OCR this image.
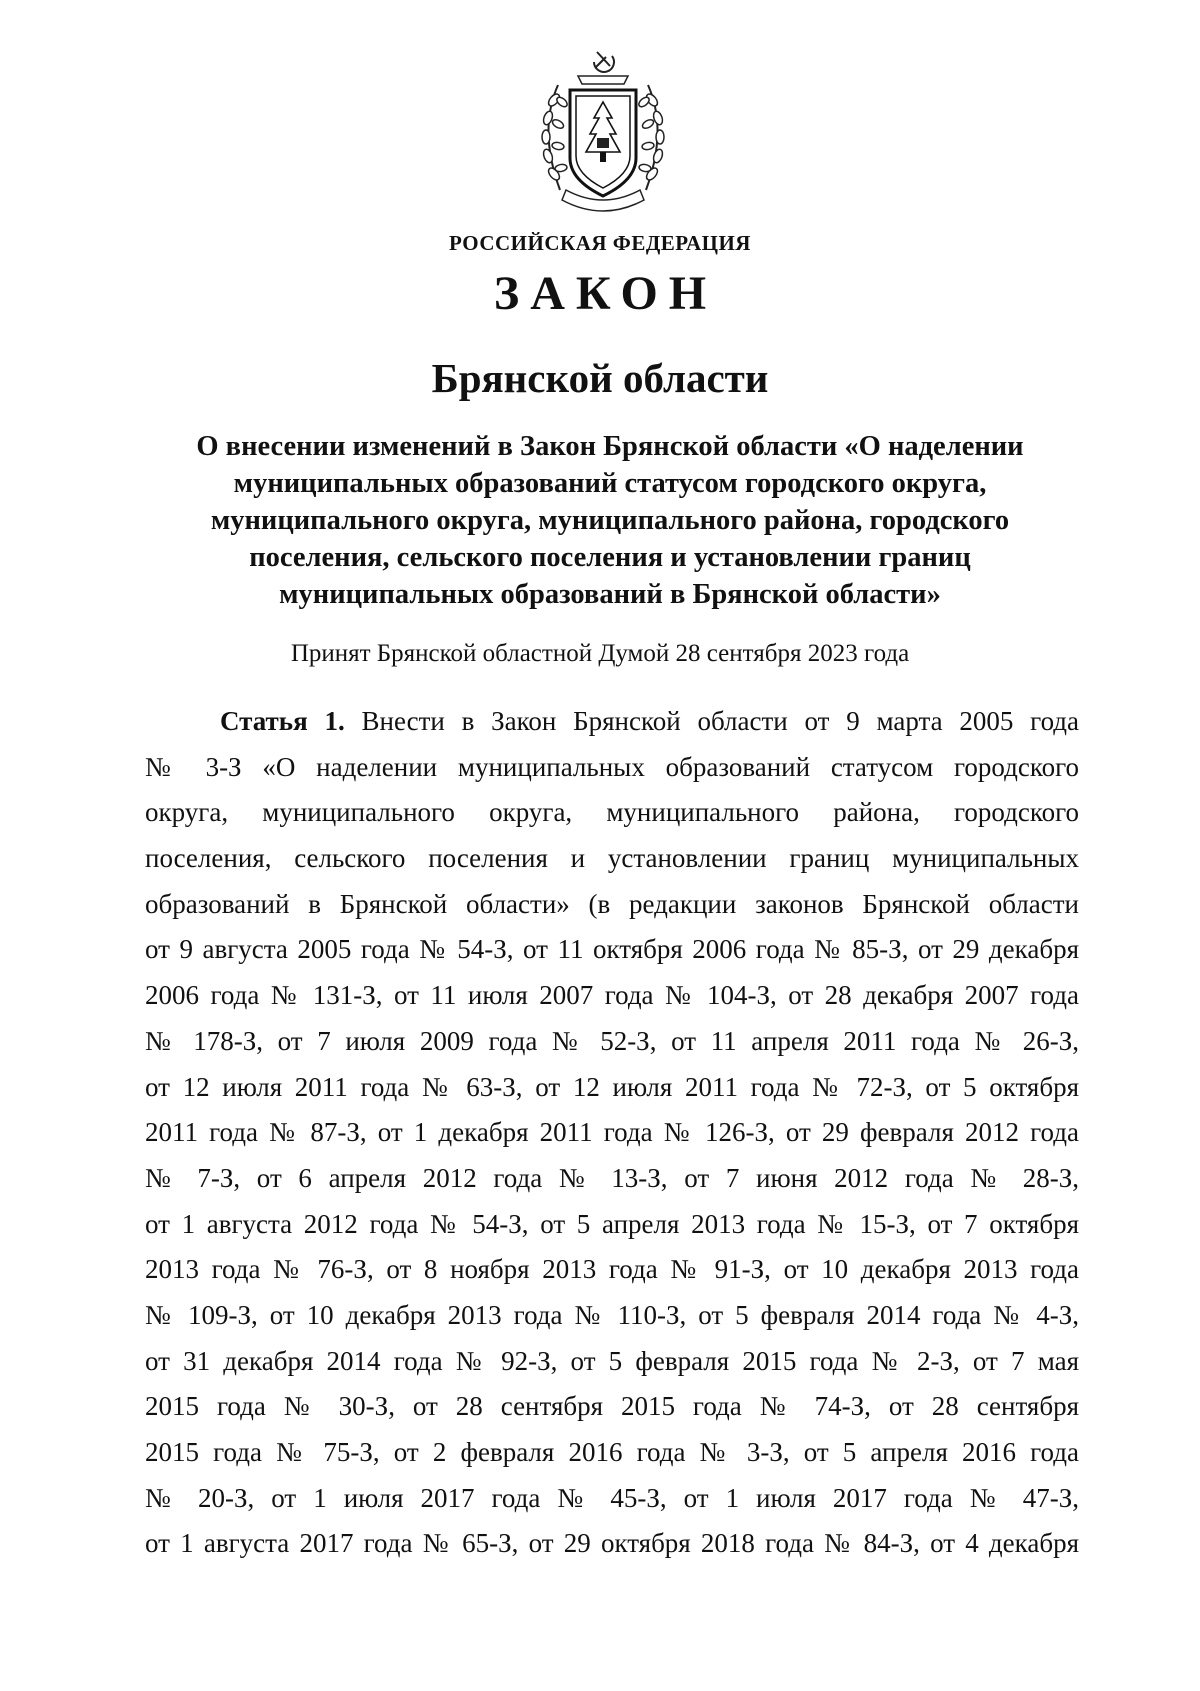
РОССИЙСКАЯ ФЕДЕРАЦИЯ
ЗАКОН
Брянской области
О внесении изменений в Закон Брянской области «О наделении
муниципальных образований статусом городского округа,
муниципального округа, муниципального района, городского
поселения, сельского поселения и установлении границ
муниципальных образований в Брянской области»
Принят Брянской областной Думой 28 сентября 2023 года
Статья 1. Внести в Закон Брянской области от 9 марта 2005 года
№ 3-З «О наделении муниципальных образований статусом городского
округа, муниципального округа, муниципального района, городского
поселения, сельского поселения и установлении границ муниципальных
образований в Брянской области» (в редакции законов Брянской области
от 9 августа 2005 года № 54-З, от 11 октября 2006 года № 85-З, от 29 декабря
2006 года № 131-З, от 11 июля 2007 года № 104-З, от 28 декабря 2007 года
№ 178-З, от 7 июля 2009 года № 52-З, от 11 апреля 2011 года № 26-З,
от 12 июля 2011 года № 63-З, от 12 июля 2011 года № 72-З, от 5 октября
2011 года № 87-З, от 1 декабря 2011 года № 126-З, от 29 февраля 2012 года
№ 7-З, от 6 апреля 2012 года № 13-З, от 7 июня 2012 года № 28-З,
от 1 августа 2012 года № 54-З, от 5 апреля 2013 года № 15-З, от 7 октября
2013 года № 76-З, от 8 ноября 2013 года № 91-З, от 10 декабря 2013 года
№ 109-З, от 10 декабря 2013 года № 110-З, от 5 февраля 2014 года № 4-З,
от 31 декабря 2014 года № 92-З, от 5 февраля 2015 года № 2-З, от 7 мая
2015 года № 30-З, от 28 сентября 2015 года № 74-З, от 28 сентября
2015 года № 75-З, от 2 февраля 2016 года № 3-З, от 5 апреля 2016 года
№ 20-З, от 1 июля 2017 года № 45-З, от 1 июля 2017 года № 47-З,
от 1 августа 2017 года № 65-З, от 29 октября 2018 года № 84-З, от 4 декабря
